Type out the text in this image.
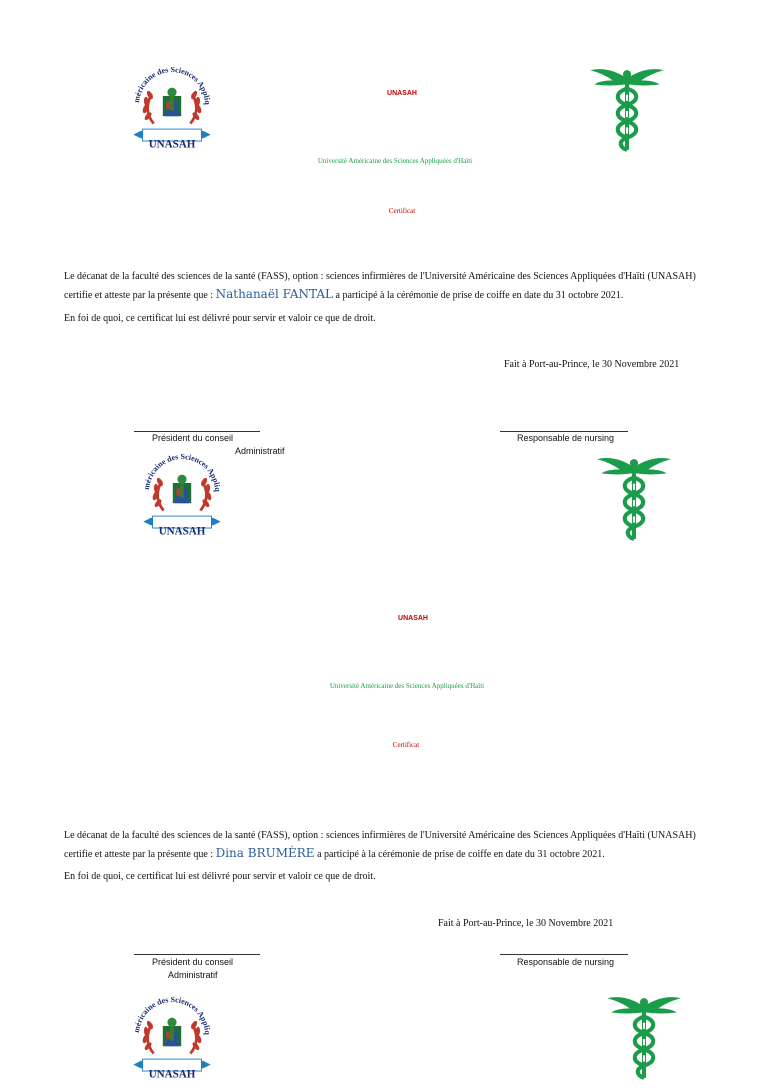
méricaine des Sciences Appliq
UNASAH
UNASAH
Université Américaine des Sciences Appliquées d'Haïti
Certificat
Le décanat de la faculté des sciences de la santé (FASS), option : sciences infirmières de l'Université Américaine des Sciences Appliquées d'Haïti (UNASAH)
certifie et atteste par la présente que : Nathanaël FANTAL a participé à la cérémonie de prise de coiffe en date du 31 octobre 2021.
En foi de quoi, ce certificat lui est délivré pour servir et valoir ce que de droit.
Fait à Port-au-Prince, le 30 Novembre 2021
Président du conseil
Administratif
Responsable de nursing
méricaine des Sciences Appliq
UNASAH
UNASAH
Université Américaine des Sciences Appliquées d'Haïti
Certificat
Le décanat de la faculté des sciences de la santé (FASS), option : sciences infirmières de l'Université Américaine des Sciences Appliquées d'Haïti (UNASAH)
certifie et atteste par la présente que : Dina BRUMÈRE a participé à la cérémonie de prise de coiffe en date du 31 octobre 2021.
En foi de quoi, ce certificat lui est délivré pour servir et valoir ce que de droit.
Fait à Port-au-Prince, le 30 Novembre 2021
Président du conseil
Administratif
Responsable de nursing
méricaine des Sciences Appliq
UNASAH
